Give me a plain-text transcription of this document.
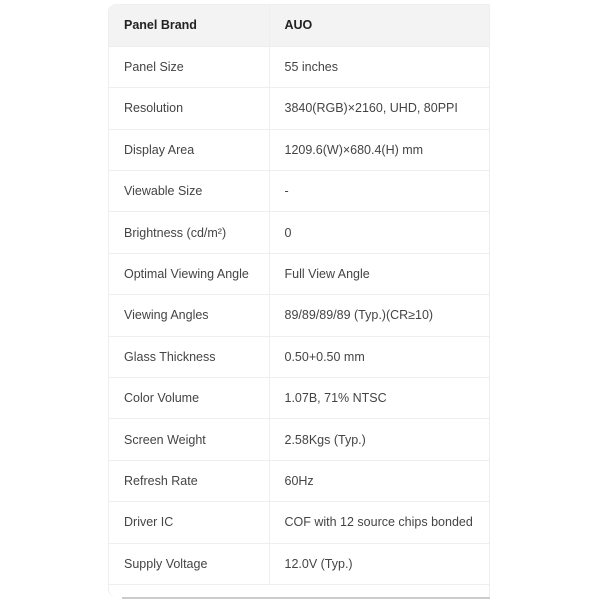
Panel Brand	AUO
Panel Size	55 inches
Resolution	3840(RGB)×2160, UHD, 80PPI
Display Area	1209.6(W)×680.4(H) mm
Viewable Size	-
Brightness (cd/m²)	0
Optimal Viewing Angle	Full View Angle
Viewing Angles	89/89/89/89 (Typ.)(CR≥10)
Glass Thickness	0.50+0.50 mm
Color Volume	1.07B, 71% NTSC
Screen Weight	2.58Kgs (Typ.)
Refresh Rate	60Hz
Driver IC	COF with 12 source chips bonded
Supply Voltage	12.0V (Typ.)
